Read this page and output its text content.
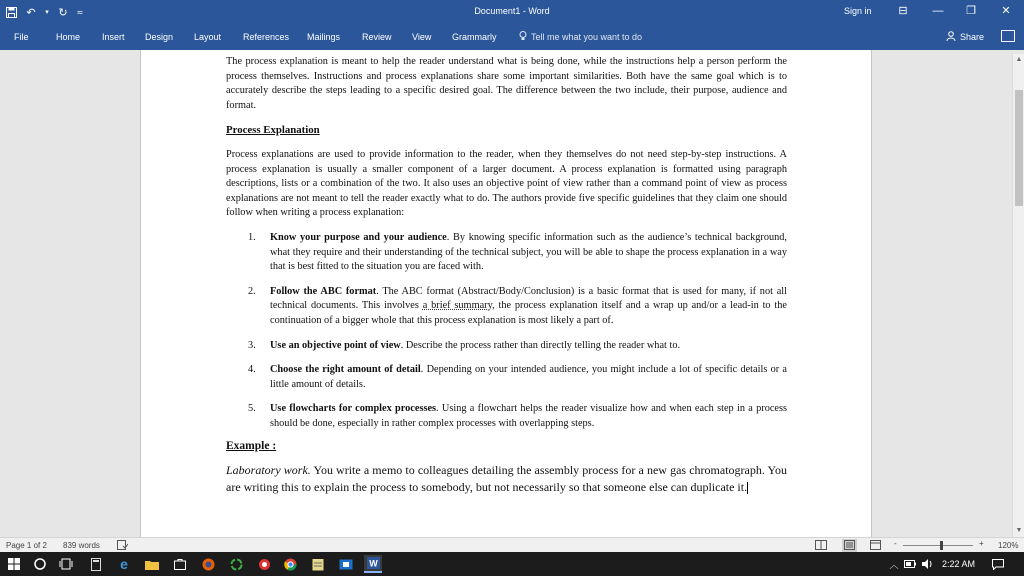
↶	▾ ↻ ≂	Document1 - Word	Sign in	⊟	—	❐	✕
File	Home Insert Design Layout References Mailings Review View Grammarly	Tell me what you want to do	Share

The process explanation is meant to help the reader understand what is being done, while the instructions help a person perform the process themselves. Instructions and process explanations share some important similarities. Both have the same goal which is to accurately describe the steps leading to a specific desired goal. The difference between the two include, their purpose, audience and format.

Process Explanation

Process explanations are used to provide information to the reader, when they themselves do not need step-by-step instructions. A process explanation is usually a smaller component of a larger document. A process explanation is formatted using paragraph descriptions, lists or a combination of the two. It also uses an objective point of view rather than a command point of view as process explanations are not meant to tell the reader exactly what to do. The authors provide five specific guidelines that they claim one should follow when writing a process explanation:

1. Know your purpose and your audience. By knowing specific information such as the audience’s technical background, what they require and their understanding of the technical subject, you will be able to shape the process explanation in a way that is best fitted to the situation you are faced with.
2. Follow the ABC format. The ABC format (Abstract/Body/Conclusion) is a basic format that is used for many, if not all technical documents. This involves a brief summary, the process explanation itself and a wrap up and/or a lead-in to the continuation of a bigger whole that this process explanation is most likely a part of.
3. Use an objective point of view. Describe the process rather than directly telling the reader what to.
4. Choose the right amount of detail. Depending on your intended audience, you might include a lot of specific details or a little amount of details.
5. Use flowcharts for complex processes. Using a flowchart helps the reader visualize how and when each step in a process should be done, especially in rather complex processes with overlapping steps.

Example :

Laboratory work. You write a memo to colleagues detailing the assembly process for a new gas chromatograph. You are writing this to explain the process to somebody, but not necessarily so that someone else can duplicate it.

▲
▼
Page 1 of 2 839 words	-	+ 120%
e	W	︿	2:22 AM
